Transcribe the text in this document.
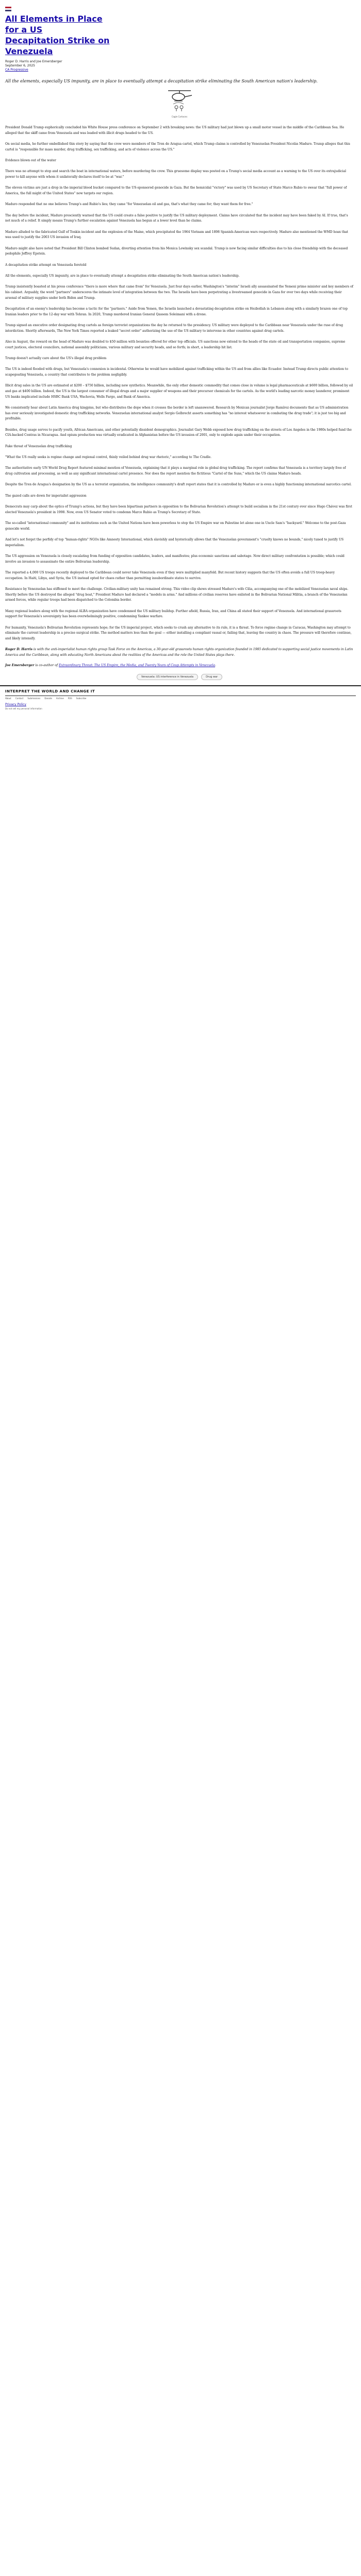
All Elements in Place for a US
Decapitation Strike on Venezuela
Roger D. Harris and Joe Emersberger
September 6, 2025
CA Progressive
All the elements, especially US impunity, are in place to eventually attempt a decapitation strike eliminating the South American nation's leadership.
Cagle Cartoons

President Donald Trump euphorically concluded his White House press conference on September 2 with breaking news: the US military had just blown up a small motor vessel in the middle of the Caribbean Sea. He alleged that the skiff came from Venezuela and was loaded with illicit drugs headed to the US.

On social media, he further embellished this story by saying that the crew were members of the Tren de Aragua cartel, which Trump claims is controlled by Venezuelan President Nicolás Maduro. Trump alleges that this cartel is "responsible for mass murder, drug trafficking, sex trafficking, and acts of violence across the US."

Evidence blown out of the water

There was no attempt to stop and search the boat in international waters, before murdering the crew. This gruesome display was posted on a Trump's social media account as a warning to the US over its extrajudicial power to kill anyone with whom it unilaterally declares itself to be at "war."

The eleven victims are just a drop in the imperial blood bucket compared to the US-sponsored genocide in Gaza. But the homicidal "victory" was used by US Secretary of State Marco Rubio to swear that "full power of America, the full might of the United States" now targets our region.

Maduro responded that no one believes Trump's and Rubio's lies; they came "for Venezuelan oil and gas, that's what they came for; they want them for free."

The day before the incident, Maduro presciently warned that the US could create a false positive to justify the US military deployment. Claims have circulated that the incident may have been faked by AI. If true, that's not much of a relief. It simply means Trump's further escalation against Venezuela has begun at a lower level than he claims.

Maduro alluded to the fabricated Gulf of Tonkin incident and the explosion of the Maine, which precipitated the 1964 Vietnam and 1898 Spanish-American wars respectively. Maduro also mentioned the WMD hoax that was used to justify the 2003 US invasion of Iraq.

Maduro might also have noted that President Bill Clinton bombed Sudan, diverting attention from his Monica Lewinsky sex scandal. Trump is now facing similar difficulties due to his close friendship with the deceased pedophile Jeffrey Epstein.

A decapitation strike attempt on Venezuela foretold

All the elements, especially US impunity, are in place to eventually attempt a decapitation strike eliminating the South American nation's leadership.

Trump insistently boasted at his press conference "there is more where that came from" for Venezuela. Just four days earlier, Washington's "interim" Israeli ally assassinated the Yemeni prime minister and key members of his cabinet. Arguably, the word "partners" underscores the intimate level of integration between the two. The Israelis have been perpetrating a livestreamed genocide in Gaza for over two days while receiving their arsenal of military supplies under both Biden and Trump.

Decapitation of an enemy's leadership has become a tactic for the "partners." Aside from Yemen, the Israelis launched a devastating decapitation strike on Hezbollah in Lebanon along with a similarly brazen one of top Iranian leaders prior to the 12-day war with Tehran. In 2020, Trump murdered Iranian General Qassem Soleimani with a drone.

Trump signed an executive order designating drug cartels as foreign terrorist organizations the day he returned to the presidency. US military were deployed to the Caribbean near Venezuela under the ruse of drug interdiction. Shortly afterwards, The New York Times reported a leaked "secret order" authorizing the use of the US military to intervene in other countries against drug cartels.

Also in August, the reward on the head of Maduro was doubled to $50 million with bounties offered for other top officials. US sanctions now extend to the heads of the state oil and transportation companies, supreme court justices, electoral councilors, national assembly politicians, various military and security heads, and so forth; in short, a leadership hit list.

Trump doesn't actually care about the US's illegal drug problem

The US is indeed flooded with drugs, but Venezuela's connexion is incidental. Otherwise he would have mobilized against trafficking within the US and from allies like Ecuador. Instead Trump directs public attention to scapegoating Venezuela, a country that contributes to the problem negligibly.

Illicit drug sales in the US are estimated at $200 – $750 billion, including new synthetics. Meanwhile, the only other domestic commodity that comes close in volume is legal pharmaceuticals at $600 billion, followed by oil and gas at $400 billion. Indeed, the US is the largest consumer of illegal drugs and a major supplier of weapons and their precursor chemicals for the cartels. As the world's leading narcotic money launderer, prominent US banks implicated include HSBC Bank USA, Wachovia, Wells Fargo, and Bank of America.

We consistently hear about Latin America drug kingpins, but who distributes the dope when it crosses the border is left unanswered. Research by Mexican journalist Jorge Ramírez documents that as US administration has ever seriously investigated domestic drug trafficking networks. Venezuelan international analyst Sergio Gelbrecht asserts something has "no interest whatsoever in combating the drug trade"; it is just too big and profitable.

Besides, drug usage serves to pacify youth, African Americans, and other potentially dissident demographics. Journalist Gary Webb exposed how drug trafficking on the streets of Los Angeles in the 1980s helped fund the CIA-backed Contras in Nicaragua. And opium production was virtually eradicated in Afghanistan before the US invasion of 2001, only to explode again under their occupation.

Fake threat of Venezuelan drug trafficking

"What the US really seeks is regime change and regional control, thinly veiled behind drug war rhetoric," according to The Cradle.

The authoritative early UN World Drug Report featured minimal mention of Venezuela, explaining that it plays a marginal role in global drug trafficking. The report confirms that Venezuela is a territory largely free of drug cultivation and processing, as well as any significant international cartel presence. Nor does the report mention the fictitious "Cartel of the Suns," which the US claims Maduro heads.

Despite the Tren de Aragua's designation by the US as a terrorist organization, the intelligence community's draft report states that it is controlled by Maduro or is even a highly functioning international narcotics cartel.

The gazed calls are down for imperialist aggression

Democrats may carp about the optics of Trump's actions, but they have been bipartisan partners in opposition to the Bolivarian Revolution's attempt to build socialism in the 21st century ever since Hugo Chávez was first elected Venezuela's president in 1998. Now, even US Senator voted to condemn Marco Rubio as Trump's Secretary of State.

The so-called "international community" and its institutions such as the United Nations have been powerless to stop the US Empire war on Palestine let alone one in Uncle Sam's "backyard." Welcome to the post-Gaza genocide world.

And let's not forget the perfidy of top "human-rights" NGOs like Amnesty International, which slavishly and hysterically allows that the Venezuelan government's "cruelty knows no bounds," nicely tuned to justify US imperialism.

The US aggression on Venezuela is closely escalating from funding of opposition candidates, leaders, and manifestos; plus economic sanctions and sabotage. Now direct military confrontation is possible; which could involve an invasion to assassinate the entire Bolivarian leadership.

The reported a 4,000 US troops recently deployed to the Caribbean could never take Venezuela even if they were multiplied manyfold. But recent history suggests that the US often avoids a full US troop-heavy occupation. In Haiti, Libya, and Syria, the US instead opted for chaos rather than permitting insubordinate states to survive.

Resistance by Venezuelan has stiffened to meet the challenge. Civilian-military unity has remained strong. This video clip shows stressed Maduro's wife Cilia, accompanying one of the mobilized Venezuelan naval ships. Shortly before the US destroyed the alleged "drug boat," President Maduro had declared a "models in arms." And millions of civilian reserves have enlisted in the Bolivarian National Militia, a branch of the Venezuelan armed forces, while regular troops had been dispatched to the Colombia border.

Many regional leaders along with the regional ALBA organization have condemned the US military buildup. Further afield, Russia, Iran, and China all stated their support of Venezuela. And international grassroots support for Venezuela's sovereignty has been overwhelmingly positive, condemning Yankee warfare.

For humanity, Venezuela's Bolivarian Revolution represents hope; for the US imperial project, which seeks to crush any alternative to its rule, it is a threat. To force regime change in Caracas, Washington may attempt to eliminate the current leadership in a precise surgical strike. The method matters less than the goal — either installing a compliant vassal or, failing that, leaving the country in chaos. The pressure will therefore continue, and likely intensify.

Roger D. Harris is with the anti-imperialist human rights group Task Force on the Americas, a 30-year-old grassroots human rights organization founded in 1985 dedicated to supporting social justice movements in Latin America and the Caribbean, along with educating North Americans about the realities of the Americas and the role the United States plays there.
Joe Emersberger is co-author of Extraordinary Threat: The US Empire, the Media, and Twenty Years of Coup Attempts in Venezuela.
Venezuela: US interference in Venezuela	Drug war
INTERPRET THE WORLD AND CHANGE IT
About Contact Submissions Donate Archive RSS Subscribe
Privacy Policy
Do not sell my personal information
